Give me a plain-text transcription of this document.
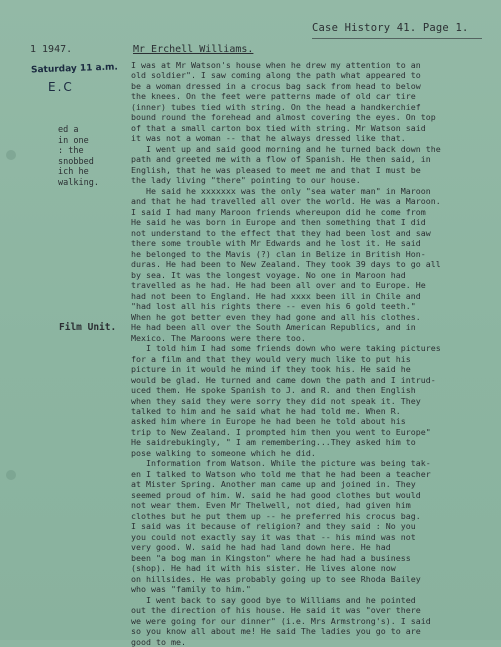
Case History 41. Page 1.
1 1947.	Mr Erchell Williams.
Saturday 11 a.m.
E.C
ed a
in one
: the
snobbed
ich he
walking.
Film Unit.
I was at Mr Watson's house when he drew my attention to an
old soldier". I saw coming along the path what appeared to
be a woman dressed in a crocus bag sack from head to below
the knees. On the feet were patterns made of old car tire
(inner) tubes tied with string. On the head a handkerchief
bound round the forehead and almost covering the eyes. On top
of that a small carton box tied with string. Mr Watson said
it was not a woman -- that he always dressed like that.
I went up and said good morning and he turned back down the
path and greeted me with a flow of Spanish. He then said, in
English, that he was pleased to meet me and that I must be
the lady living "there" pointing to our house.
He said he xxxxxxx was the only "sea water man" in Maroon
and that he had travelled all over the world. He was a Maroon.
I said I had many Maroon friends whereupon did he come from
He said he was born in Europe and then something that I did
not understand to the effect that they had been lost and saw
there some trouble with Mr Edwards and he lost it. He said
he belonged to the Mavis (?) clan in Belize in British Hon-
duras. He had been to New Zealand. They took 39 days to go all
by sea. It was the longest voyage. No one in Maroon had
travelled as he had. He had been all over and to Europe. He
had not been to England. He had xxxx been ill in Chile and
"had lost all his rights there -- even his 6 gold teeth."
When he got better even they had gone and all his clothes.
He had been all over the South American Republics, and in
Mexico. The Maroons were there too.
I told him I had some friends down who were taking pictures
for a film and that they would very much like to put his
picture in it would he mind if they took his. He said he
would be glad. He turned and came down the path and I intrud-
uced them. He spoke Spanish to J. and R. and then English
when they said they were sorry they did not speak it. They
talked to him and he said what he had told me. When R.
asked him where in Europe he had been he told about his
trip to New Zealand. I prompted him then you went to Europe"
He saidrebukingly, " I am remembering...They asked him to
pose walking to someone which he did.
Information from Watson. While the picture was being tak-
en I talked to Watson who told me that he had been a teacher
at Mister Spring. Another man came up and joined in. They
seemed proud of him. W. said he had good clothes but would
not wear them. Even Mr Thelwell, not died, had given him
clothes but he put them up -- he preferred his crocus bag.
I said was it because of religion? and they said : No you
you could not exactly say it was that -- his mind was not
very good. W. said he had had land down here. He had
been "a bog man in Kingston" where he had had a business
(shop). He had it with his sister. He lives alone now
on hillsides. He was probably going up to see Rhoda Bailey
who was "family to him."
I went back to say good bye to Williams and he pointed
out the direction of his house. He said it was "over there
we were going for our dinner" (i.e. Mrs Armstrong's). I said
so you know all about me! He said The ladies you go to are
good to me.
